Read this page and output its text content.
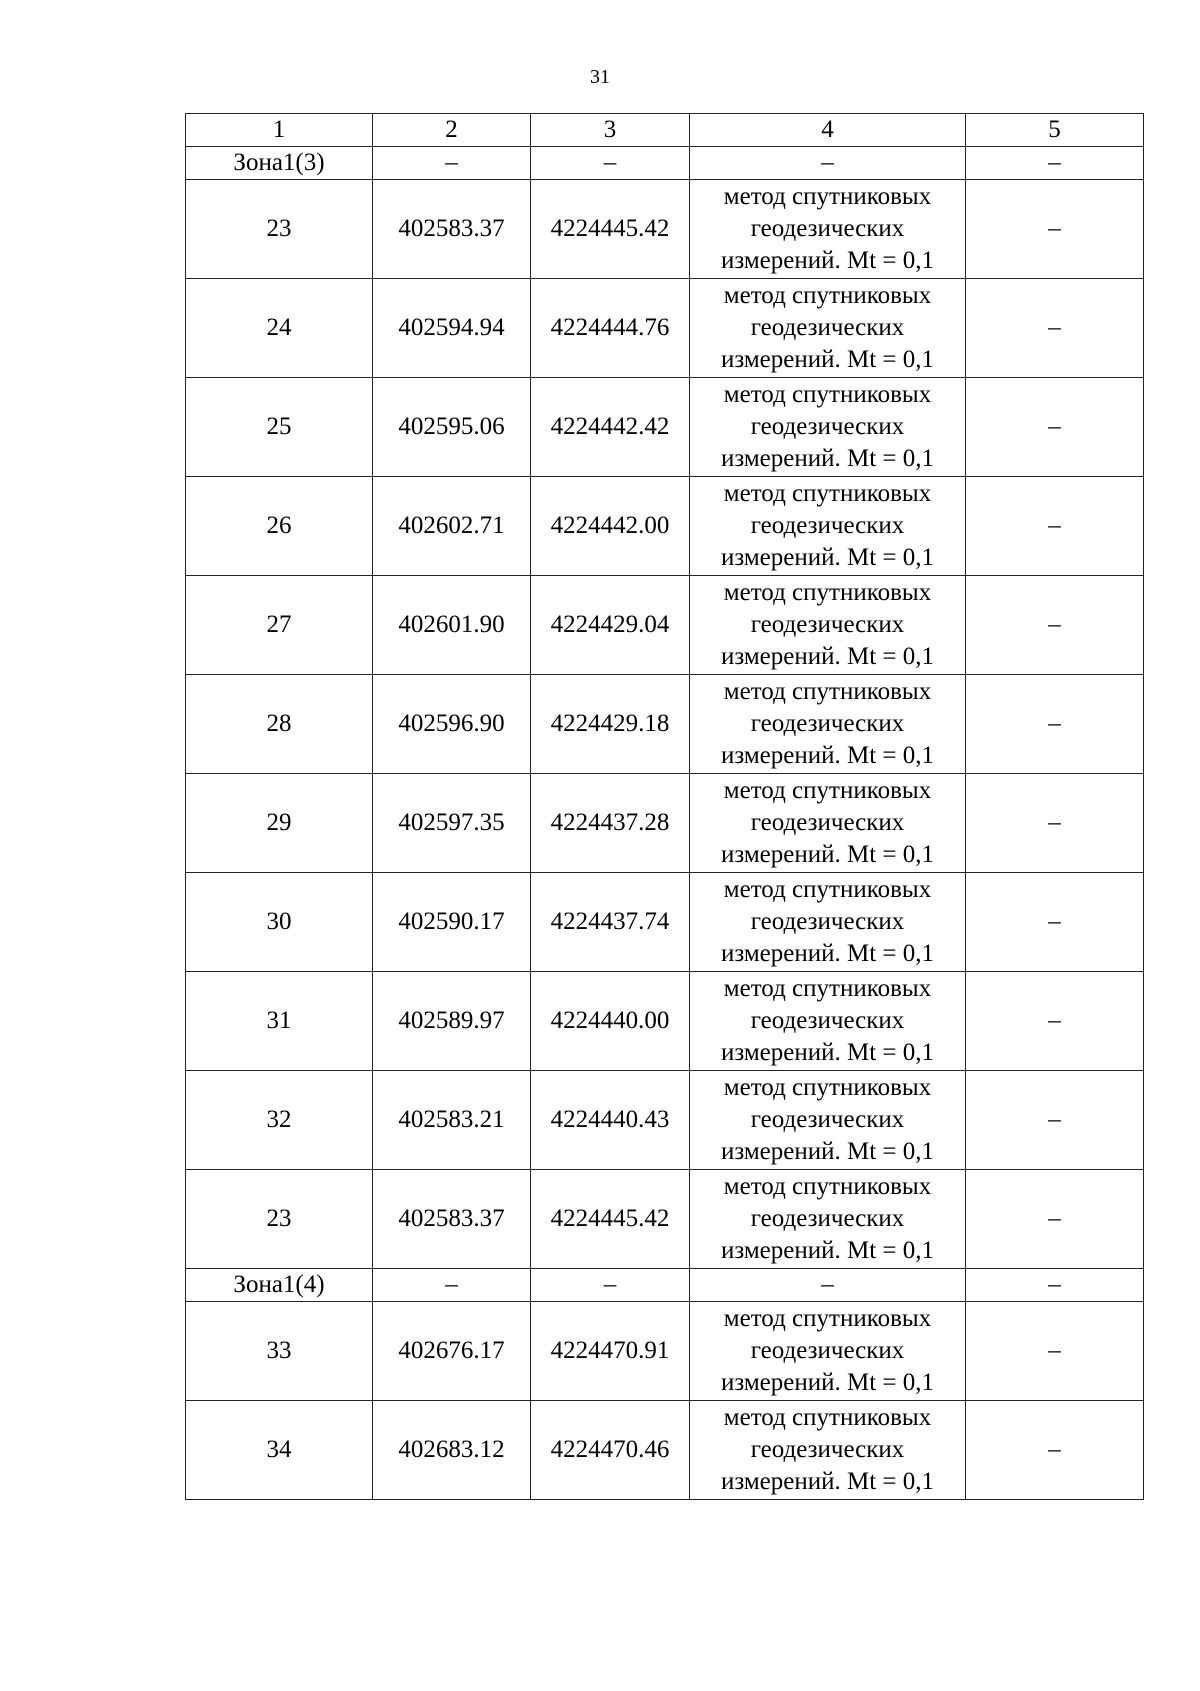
31
1	2	3	4	5
Зона1(3)	–	–	–	–
23	402583.37	4224445.42	метод спутниковых
геодезических
измерений. Mt = 0,1	–
24	402594.94	4224444.76	метод спутниковых
геодезических
измерений. Mt = 0,1	–
25	402595.06	4224442.42	метод спутниковых
геодезических
измерений. Mt = 0,1	–
26	402602.71	4224442.00	метод спутниковых
геодезических
измерений. Mt = 0,1	–
27	402601.90	4224429.04	метод спутниковых
геодезических
измерений. Mt = 0,1	–
28	402596.90	4224429.18	метод спутниковых
геодезических
измерений. Mt = 0,1	–
29	402597.35	4224437.28	метод спутниковых
геодезических
измерений. Mt = 0,1	–
30	402590.17	4224437.74	метод спутниковых
геодезических
измерений. Mt = 0,1	–
31	402589.97	4224440.00	метод спутниковых
геодезических
измерений. Mt = 0,1	–
32	402583.21	4224440.43	метод спутниковых
геодезических
измерений. Mt = 0,1	–
23	402583.37	4224445.42	метод спутниковых
геодезических
измерений. Mt = 0,1	–
Зона1(4)	–	–	–	–
33	402676.17	4224470.91	метод спутниковых
геодезических
измерений. Mt = 0,1	–
34	402683.12	4224470.46	метод спутниковых
геодезических
измерений. Mt = 0,1	–
